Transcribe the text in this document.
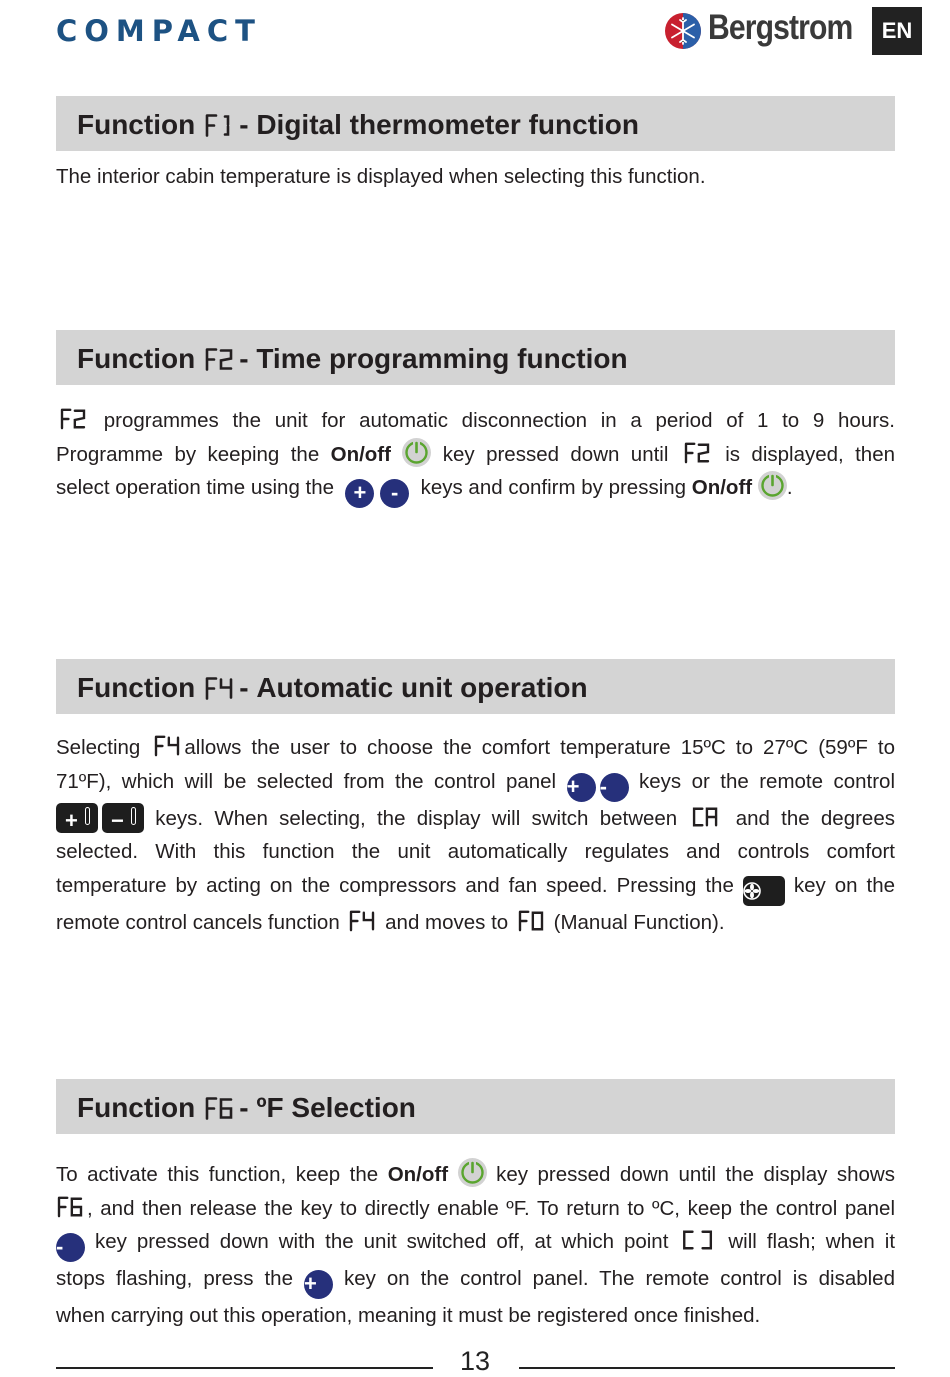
COMPACT	Bergstrom	EN
Function - Digital thermometer function

The interior cabin temperature is displayed when selecting this function.

Function - Time programming function

programmes the unit for automatic disconnection in a period of 1 to 9 hours.

Programme by keeping the On/off	key pressed down until	is displayed, then

select operation time using the + - keys and confirm by pressing On/off .

Function - Automatic unit operation

Selecting allows the user to choose the comfort temperature 15ºC to 27ºC (59ºF to

71ºF), which will be selected from the control panel + - keys or the remote control

+ − keys. When selecting, the display will switch between	and the degrees

selected. With this function the unit automatically regulates and controls comfort

temperature by acting on the compressors and fan speed. Pressing the	key on the

remote control cancels function and moves to (Manual Function).

Function - ºF Selection

To activate this function, keep the On/off key pressed down until the display shows

, and then release the key to directly enable ºF. To return to ºC, keep the control panel

- key pressed down with the unit switched off, at which point	will flash; when it

stops flashing, press the + key on the control panel. The remote control is disabled

when carrying out this operation, meaning it must be registered once finished.

13
